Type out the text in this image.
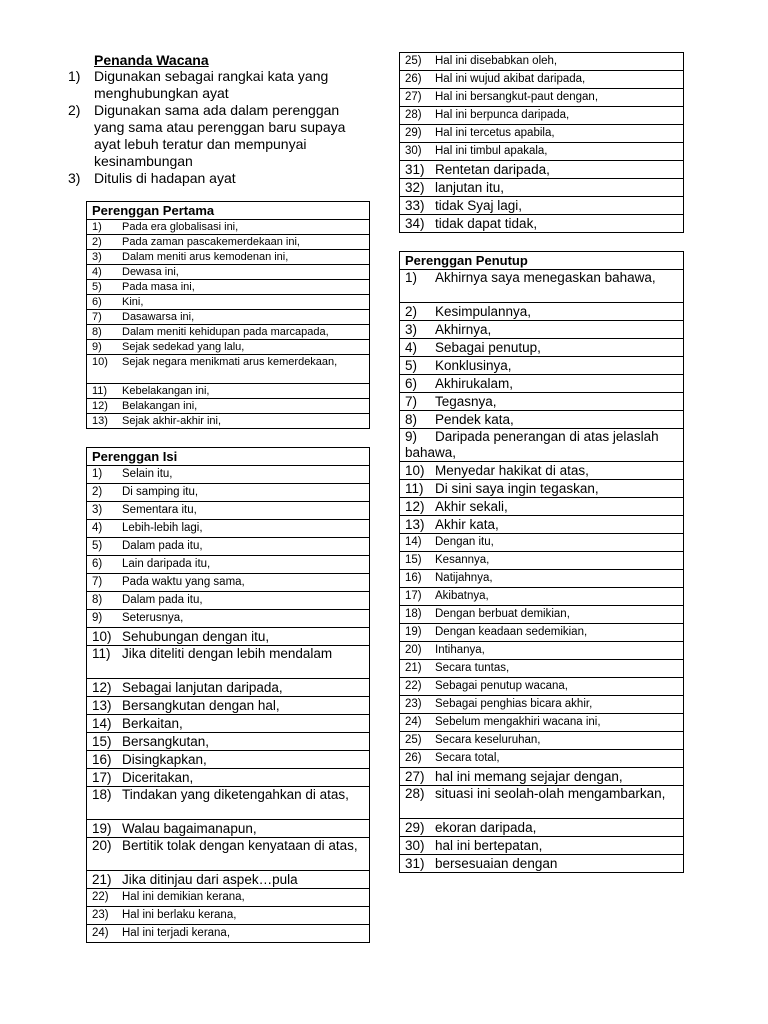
Penanda Wacana
1) Digunakan sebagai rangkai kata yang menghubungkan ayat
2) Digunakan sama ada dalam perenggan yang sama atau perenggan baru supaya ayat lebuh teratur dan mempunyai kesinambungan
3) Ditulis di hadapan ayat
Perenggan Pertama
1) Pada era globalisasi ini,
2) Pada zaman pascakemerdekaan ini,
3) Dalam meniti arus kemodenan ini,
4) Dewasa ini,
5) Pada masa ini,
6) Kini,
7) Dasawarsa ini,
8) Dalam meniti kehidupan pada marcapada,
9) Sejak sedekad yang lalu,
10) Sejak negara menikmati arus kemerdekaan,
11) Kebelakangan ini,
12) Belakangan ini,
13) Sejak akhir-akhir ini,
Perenggan Isi
1) Selain itu,
2) Di samping itu,
3) Sementara itu,
4) Lebih-lebih lagi,
5) Dalam pada itu,
6) Lain daripada itu,
7) Pada waktu yang sama,
8) Dalam pada itu,
9) Seterusnya,
10) Sehubungan dengan itu,
11) Jika diteliti dengan lebih mendalam
12) Sebagai lanjutan daripada,
13) Bersangkutan dengan hal,
14) Berkaitan,
15) Bersangkutan,
16) Disingkapkan,
17) Diceritakan,
18) Tindakan yang diketengahkan di atas,
19) Walau bagaimanapun,
20) Bertitik tolak dengan kenyataan di atas,
21) Jika ditinjau dari aspek…pula
22) Hal ini demikian kerana,
23) Hal ini berlaku kerana,
24) Hal ini terjadi kerana,
25) Hal ini disebabkan oleh,
26) Hal ini wujud akibat daripada,
27) Hal ini bersangkut-paut dengan,
28) Hal ini berpunca daripada,
29) Hal ini tercetus apabila,
30) Hal ini timbul apakala,
31) Rentetan daripada,
32) lanjutan itu,
33) tidak Syaj lagi,
34) tidak dapat tidak,
Perenggan Penutup
1) Akhirnya saya menegaskan bahawa,
2) Kesimpulannya,
3) Akhirnya,
4) Sebagai penutup,
5) Konklusinya,
6) Akhirukalam,
7) Tegasnya,
8) Pendek kata,
9) Daripada penerangan di atas jelaslah bahawa,
10) Menyedar hakikat di atas,
11) Di sini saya ingin tegaskan,
12) Akhir sekali,
13) Akhir kata,
14) Dengan itu,
15) Kesannya,
16) Natijahnya,
17) Akibatnya,
18) Dengan berbuat demikian,
19) Dengan keadaan sedemikian,
20) Intihanya,
21) Secara tuntas,
22) Sebagai penutup wacana,
23) Sebagai penghias bicara akhir,
24) Sebelum mengakhiri wacana ini,
25) Secara keseluruhan,
26) Secara total,
27) hal ini memang sejajar dengan,
28) situasi ini seolah-olah mengambarkan,
29) ekoran daripada,
30) hal ini bertepatan,
31) bersesuaian dengan
